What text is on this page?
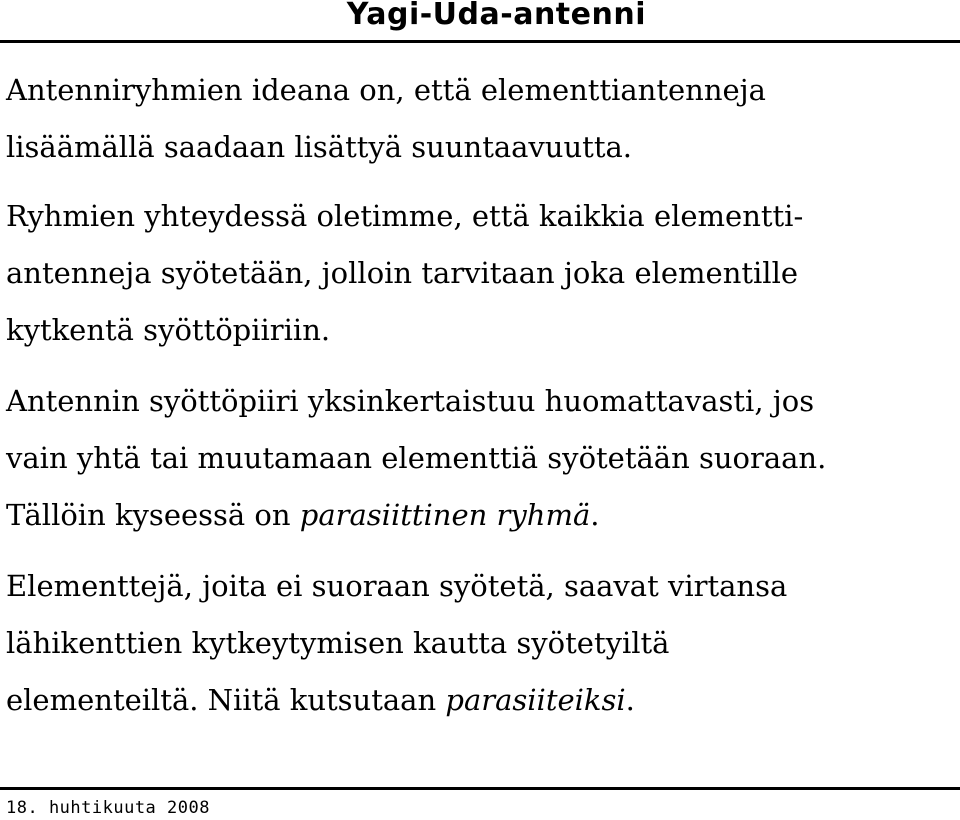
Yagi-Uda-antenni

Antenniryhmien ideana on, että elementtiantenneja
lisäämällä saadaan lisättyä suuntaavuutta.

Ryhmien yhteydessä oletimme, että kaikkia elementti-
antenneja syötetään, jolloin tarvitaan joka elementille
kytkentä syöttöpiiriin.

Antennin syöttöpiiri yksinkertaistuu huomattavasti, jos
vain yhtä tai muutamaan elementtiä syötetään suoraan.
Tällöin kyseessä on parasiittinen ryhmä.

Elementtejä, joita ei suoraan syötetä, saavat virtansa
lähikenttien kytkeytymisen kautta syötetyiltä
elementeiltä. Niitä kutsutaan parasiiteiksi.

18. huhtikuuta 2008
